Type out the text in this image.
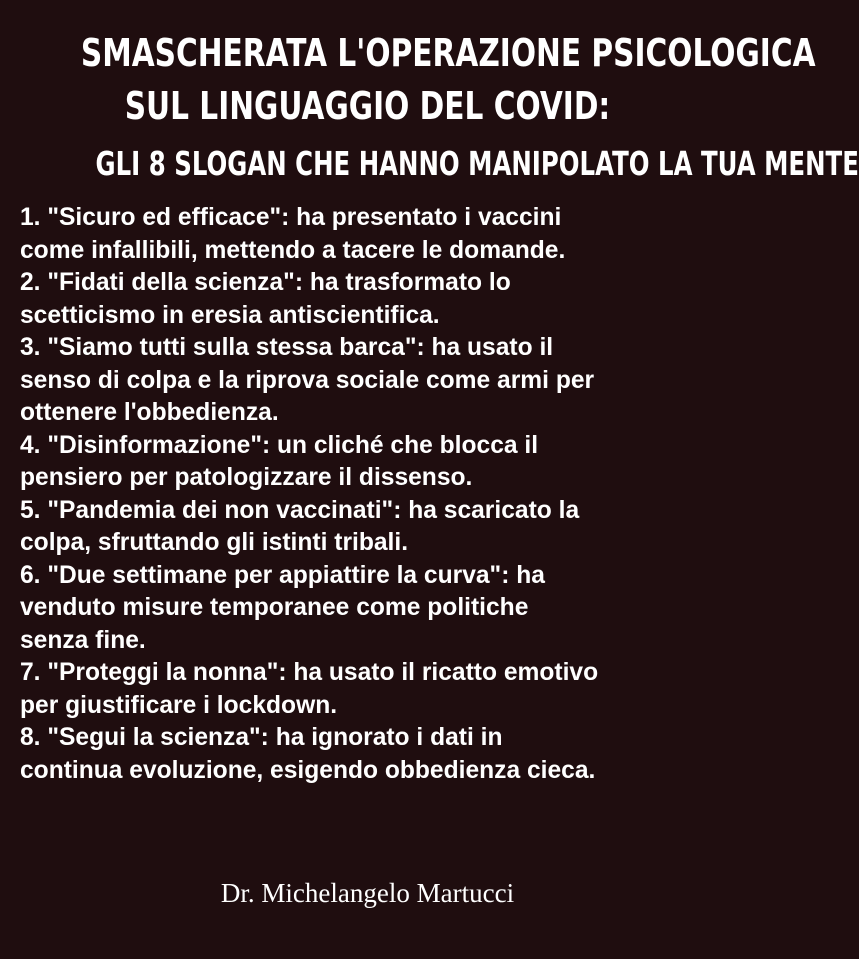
SMASCHERATA L'OPERAZIONE PSICOLOGICA
SUL LINGUAGGIO DEL COVID:
GLI 8 SLOGAN CHE HANNO MANIPOLATO LA TUA MENTE
1. "Sicuro ed efficace": ha presentato i vaccini
come infallibili, mettendo a tacere le domande.
2. "Fidati della scienza": ha trasformato lo
scetticismo in eresia antiscientifica.
3. "Siamo tutti sulla stessa barca": ha usato il
senso di colpa e la riprova sociale come armi per
ottenere l'obbedienza.
4. "Disinformazione": un cliché che blocca il
pensiero per patologizzare il dissenso.
5. "Pandemia dei non vaccinati": ha scaricato la
colpa, sfruttando gli istinti tribali.
6. "Due settimane per appiattire la curva": ha
venduto misure temporanee come politiche
senza fine.
7. "Proteggi la nonna": ha usato il ricatto emotivo
per giustificare i lockdown.
8. "Segui la scienza": ha ignorato i dati in
continua evoluzione, esigendo obbedienza cieca.
Dr. Michelangelo Martucci
